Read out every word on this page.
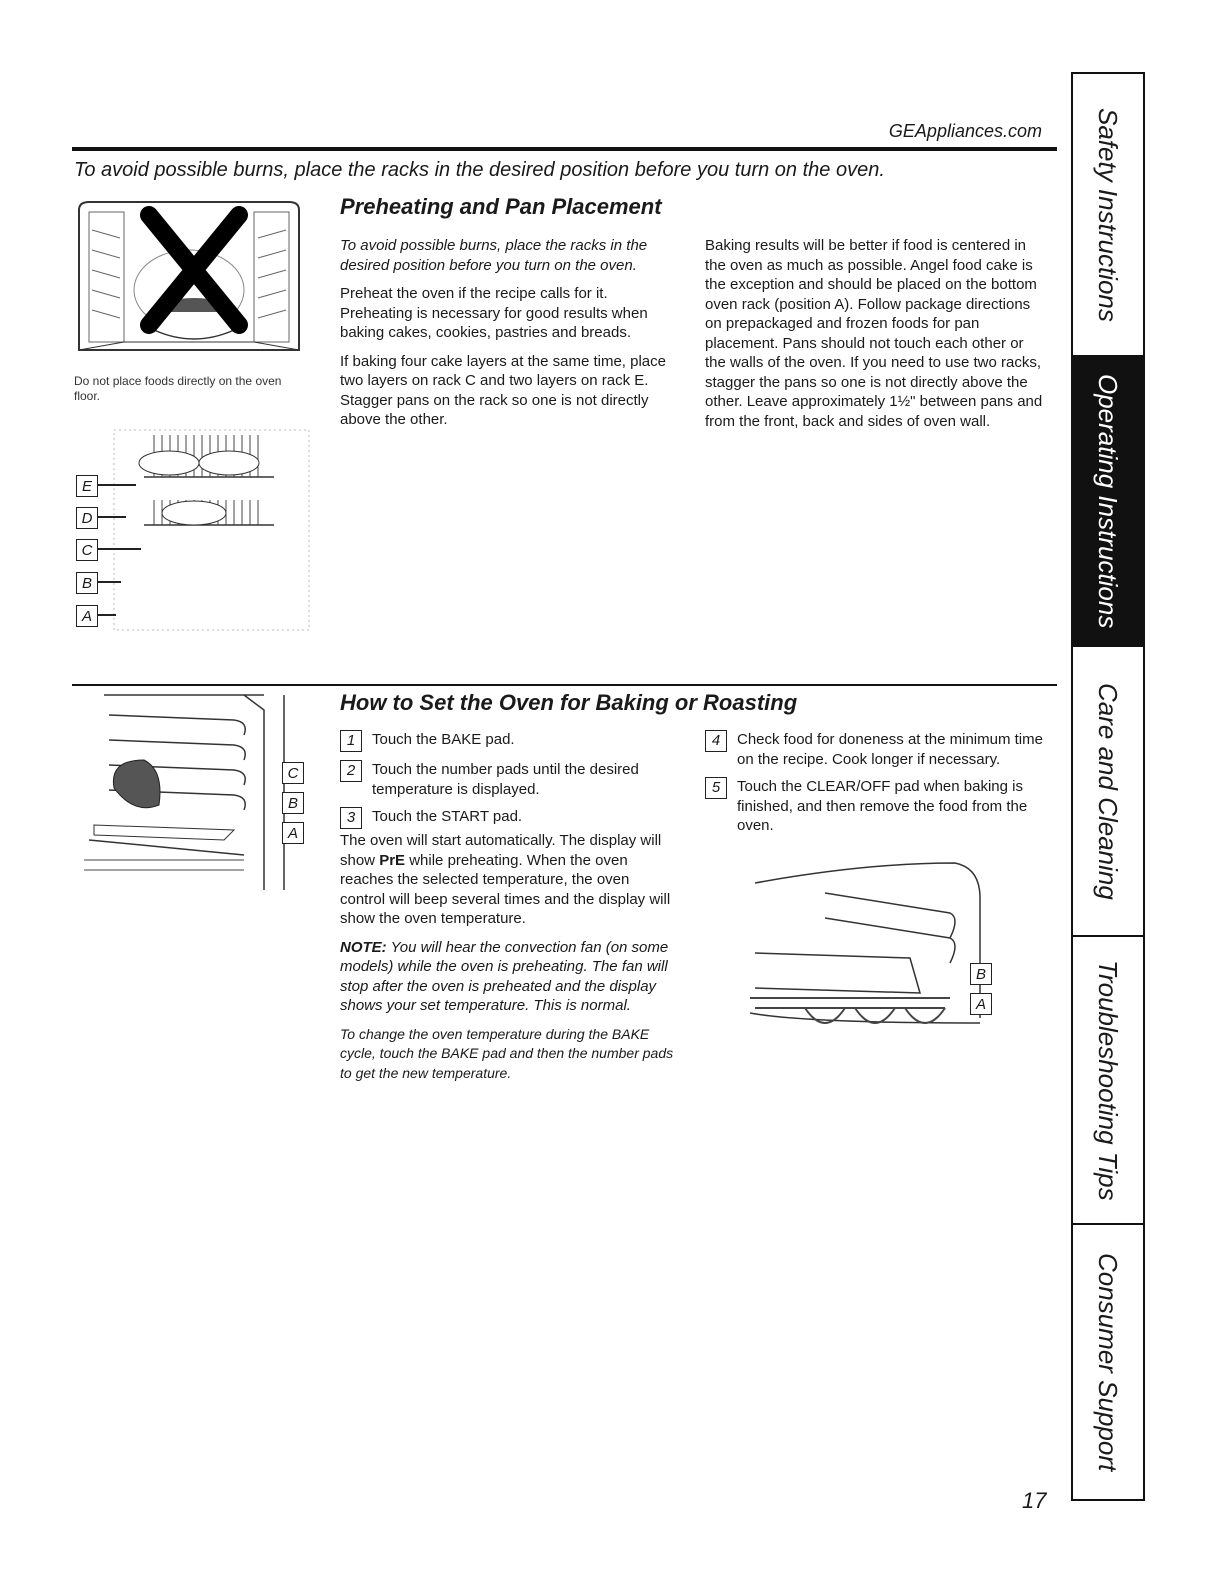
GEAppliances.com
To avoid possible burns, place the racks in the desired position before you turn on the oven.
Do not place foods directly on the oven floor.
E
D
C
B
A
Preheating and Pan Placement

To avoid possible burns, place the racks in the desired position before you turn on the oven.

Preheat the oven if the recipe calls for it. Preheating is necessary for good results when baking cakes, cookies, pastries and breads.

If baking four cake layers at the same time, place two layers on rack C and two layers on rack E. Stagger pans on the rack so one is not directly above the other.

Baking results will be better if food is centered in the oven as much as possible. Angel food cake is the exception and should be placed on the bottom oven rack (position A). Follow package directions on prepackaged and frozen foods for pan placement. Pans should not touch each other or the walls of the oven. If you need to use two racks, stagger the pans so one is not directly above the other. Leave approximately 1½" between pans and from the front, back and sides of oven wall.

C
B
A
How to Set the Oven for Baking or Roasting
1	Touch the BAKE pad.
2	Touch the number pads until the desired temperature is displayed.
3	Touch the START pad.

The oven will start automatically. The display will show PrE while preheating. When the oven reaches the selected temperature, the oven control will beep several times and the display will show the oven temperature.

NOTE: You will hear the convection fan (on some models) while the oven is preheating. The fan will stop after the oven is preheated and the display shows your set temperature. This is normal.

To change the oven temperature during the BAKE cycle, touch the BAKE pad and then the number pads to get the new temperature.

4	Check food for doneness at the minimum time on the recipe. Cook longer if necessary.
5	Touch the CLEAR/OFF pad when baking is finished, and then remove the food from the oven.
B
A
Safety Instructions
Operating Instructions
Care and Cleaning
Troubleshooting Tips
Consumer Support
17
